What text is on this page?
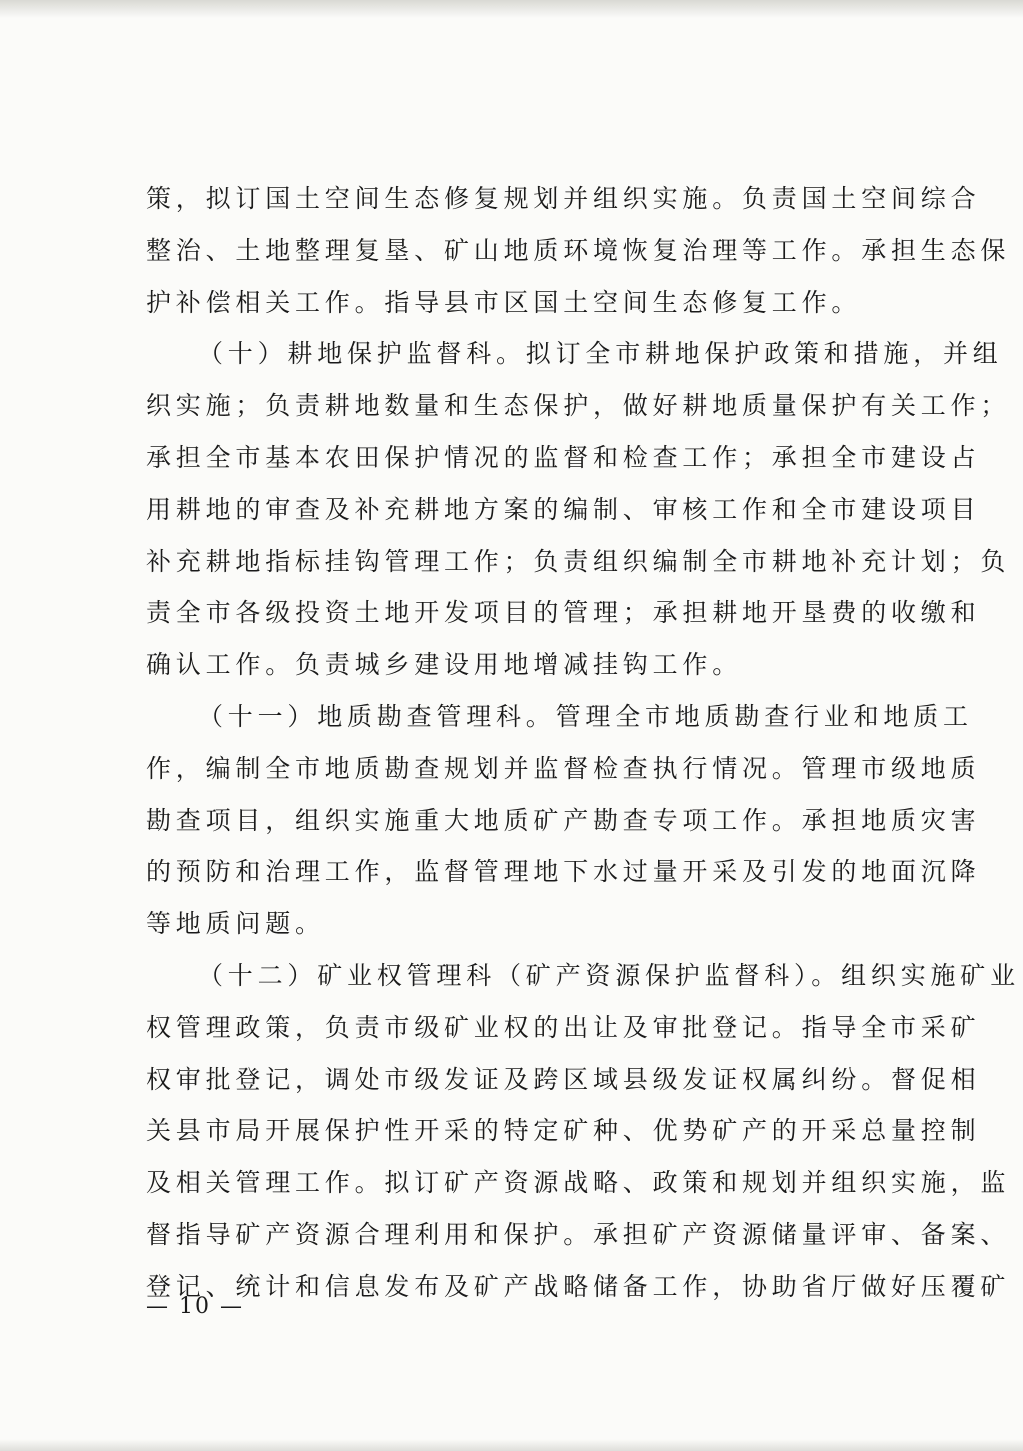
策，拟订国土空间生态修复规划并组织实施。负责国土空间综合
整治、土地整理复垦、矿山地质环境恢复治理等工作。承担生态保
护补偿相关工作。指导县市区国土空间生态修复工作。
（十）耕地保护监督科。拟订全市耕地保护政策和措施，并组
织实施；负责耕地数量和生态保护，做好耕地质量保护有关工作；
承担全市基本农田保护情况的监督和检查工作；承担全市建设占
用耕地的审查及补充耕地方案的编制、审核工作和全市建设项目
补充耕地指标挂钩管理工作；负责组织编制全市耕地补充计划；负
责全市各级投资土地开发项目的管理；承担耕地开垦费的收缴和
确认工作。负责城乡建设用地增减挂钩工作。
（十一）地质勘查管理科。管理全市地质勘查行业和地质工
作，编制全市地质勘查规划并监督检查执行情况。管理市级地质
勘查项目，组织实施重大地质矿产勘查专项工作。承担地质灾害
的预防和治理工作，监督管理地下水过量开采及引发的地面沉降
等地质问题。
（十二）矿业权管理科（矿产资源保护监督科）。组织实施矿业
权管理政策，负责市级矿业权的出让及审批登记。指导全市采矿
权审批登记，调处市级发证及跨区域县级发证权属纠纷。督促相
关县市局开展保护性开采的特定矿种、优势矿产的开采总量控制
及相关管理工作。拟订矿产资源战略、政策和规划并组织实施，监
督指导矿产资源合理利用和保护。承担矿产资源储量评审、备案、
登记、统计和信息发布及矿产战略储备工作，协助省厅做好压覆矿
— 10 —
